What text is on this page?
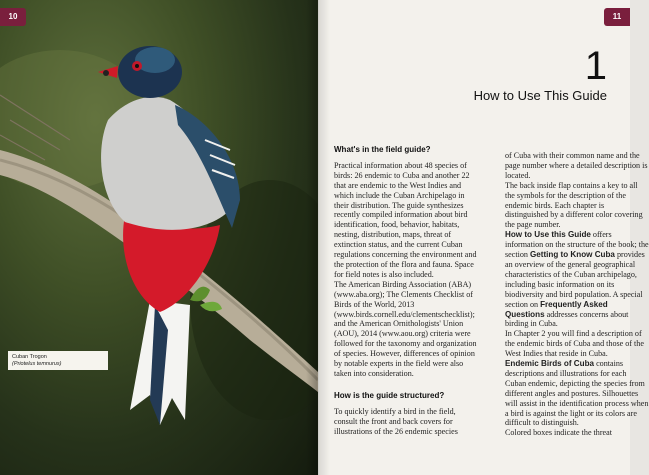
10
Cuban Trogon
(Priotelus temnurus)
11
1
How to Use This Guide
What's in the field guide?

Practical information about 48 species of birds: 26 endemic to Cuba and another 22 that are endemic to the West Indies and which include the Cuban Archipelago in their distribution. The guide synthesizes recently compiled information about bird identification, food, behavior, habitats, nesting, distribution, maps, threat of extinction status, and the current Cuban regulations concerning the environment and the protection of the flora and fauna. Space for field notes is also included.

The American Birding Association (ABA) (www.aba.org); The Clements Checklist of Birds of the World, 2013 (www.birds.cornell.edu/clementschecklist); and the American Ornithologists' Union (AOU), 2014 (www.aou.org) criteria were followed for the taxonomy and organization of species. However, differences of opinion by notable experts in the field were also taken into consideration.

How is the guide structured?

To quickly identify a bird in the field, consult the front and back covers for illustrations of the 26 endemic species

of Cuba with their common name and the page number where a detailed description is located.

The back inside flap contains a key to all the symbols for the description of the endemic birds. Each chapter is distinguished by a different color covering the page number.

How to Use this Guide offers information on the structure of the book; the section Getting to Know Cuba provides an overview of the general geographical characteristics of the Cuban archipelago, including basic information on its biodiversity and bird population. A special section on Frequently Asked Questions addresses concerns about birding in Cuba.

In Chapter 2 you will find a description of the endemic birds of Cuba and those of the West Indies that reside in Cuba.

Endemic Birds of Cuba contains descriptions and illustrations for each Cuban endemic, depicting the species from different angles and postures. Silhouettes will assist in the identification process when a bird is against the light or its colors are difficult to distinguish.

Colored boxes indicate the threat
